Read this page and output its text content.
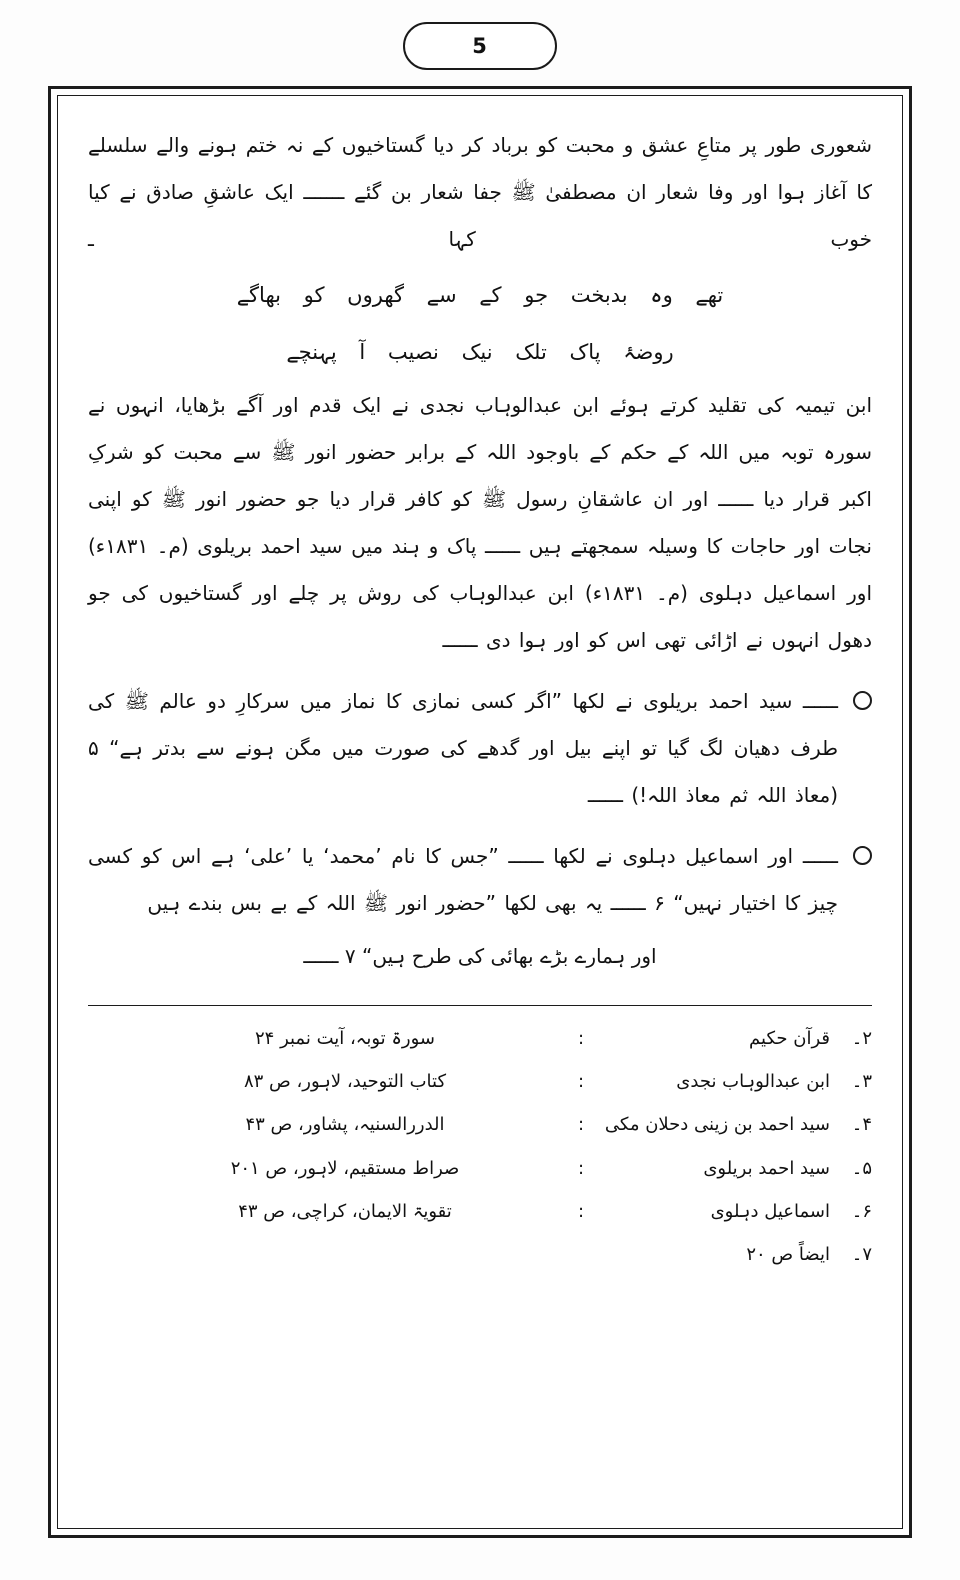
5

شعوری طور پر متاعِ عشق و محبت کو برباد کر دیا گستاخیوں کے نہ ختم ہونے والے سلسلے کا آغاز ہوا اور وفا شعار ان مصطفیٰ ﷺ جفا شعار بن گئے ـــــــ ایک عاشقِ صادق نے کیا خوب کہا ـ

تھے وہ بدبخت جو کے سے گھروں کو بھاگے
روضۂ پاک تلک نیک نصیب آ پہنچے

ابن تیمیہ کی تقلید کرتے ہوئے ابن عبدالوہاب نجدی نے ایک قدم اور آگے بڑھایا، انہوں نے سورہ توبہ میں اللہ کے حکم کے باوجود اللہ کے برابر حضور انور ﷺ سے محبت کو شرکِ اکبر قرار دیا ــــــ اور ان عاشقانِ رسول ﷺ کو کافر قرار دیا جو حضور انور ﷺ کو اپنی نجات اور حاجات کا وسیلہ سمجھتے ہیں ــــــ پاک و ہند میں سید احمد بریلوی (م۔ ۱۸۳۱ء) اور اسماعیل دہلوی (م۔ ۱۸۳۱ء) ابن عبدالوہاب کی روش پر چلے اور گستاخیوں کی جو دھول انہوں نے اڑائی تھی اس کو اور ہوا دی ــــــ

ــــــ سید احمد بریلوی نے لکھا ”اگر کسی نمازی کا نماز میں سرکارِ دو عالم ﷺ کی طرف دھیان لگ گیا تو اپنے بیل اور گدھے کی صورت میں مگن ہونے سے بدتر ہے“ ۵ (معاذ اللہ ثم معاذ اللہ!) ــــــ
ــــــ اور اسماعیل دہلوی نے لکھا ــــــ ”جس کا نام ’محمد‘ یا ’علی‘ ہے اس کو کسی چیز کا اختیار نہیں“ ۶ ــــــ یہ بھی لکھا ”حضور انور ﷺ اللہ کے بے بس بندے ہیں
اور ہمارے بڑے بھائی کی طرح ہیں“ ۷ ــــــ
۲۔
قرآن حکیم
:
سورۃ توبہ، آیت نمبر ۲۴
۳۔
ابن عبدالوہاب نجدی
:
کتاب التوحید، لاہور، ص ۸۳
۴۔
سید احمد بن زینی دحلان مکی
:
الدررالسنیہ، پشاور، ص ۴۳
۵۔
سید احمد بریلوی
:
صراط مستقیم، لاہور، ص ۲۰۱
۶۔
اسماعیل دہلوی
:
تقویۃ الایمان، کراچی، ص ۴۳
۷۔
ایضاً ص ۲۰
